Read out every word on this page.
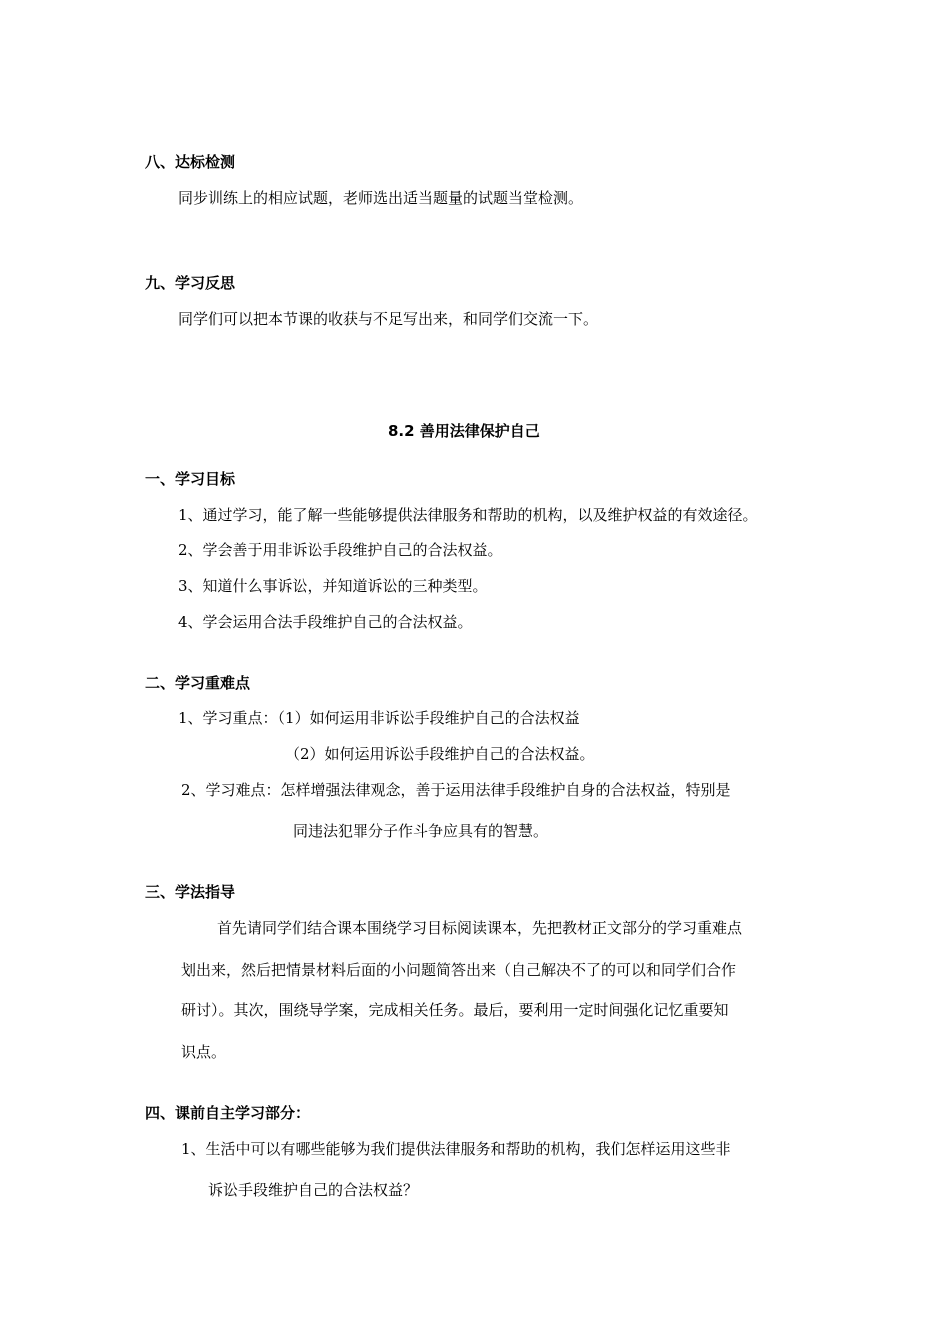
八、达标检测
同步训练上的相应试题，老师选出适当题量的试题当堂检测。
九、学习反思
同学们可以把本节课的收获与不足写出来，和同学们交流一下。
8.2 善用法律保护自己
一、学习目标
1、通过学习，能了解一些能够提供法律服务和帮助的机构，以及维护权益的有效途径。
2、学会善于用非诉讼手段维护自己的合法权益。
3、知道什么事诉讼，并知道诉讼的三种类型。
4、学会运用合法手段维护自己的合法权益。
二、学习重难点
1、学习重点：（1）如何运用非诉讼手段维护自己的合法权益
（2）如何运用诉讼手段维护自己的合法权益。
2、学习难点：怎样增强法律观念，善于运用法律手段维护自身的合法权益，特别是
同违法犯罪分子作斗争应具有的智慧。
三、学法指导
首先请同学们结合课本围绕学习目标阅读课本，先把教材正文部分的学习重难点
划出来，然后把情景材料后面的小问题简答出来（自己解决不了的可以和同学们合作
研讨）。其次，围绕导学案，完成相关任务。最后，要利用一定时间强化记忆重要知
识点。
四、课前自主学习部分：
1、生活中可以有哪些能够为我们提供法律服务和帮助的机构，我们怎样运用这些非
诉讼手段维护自己的合法权益？
